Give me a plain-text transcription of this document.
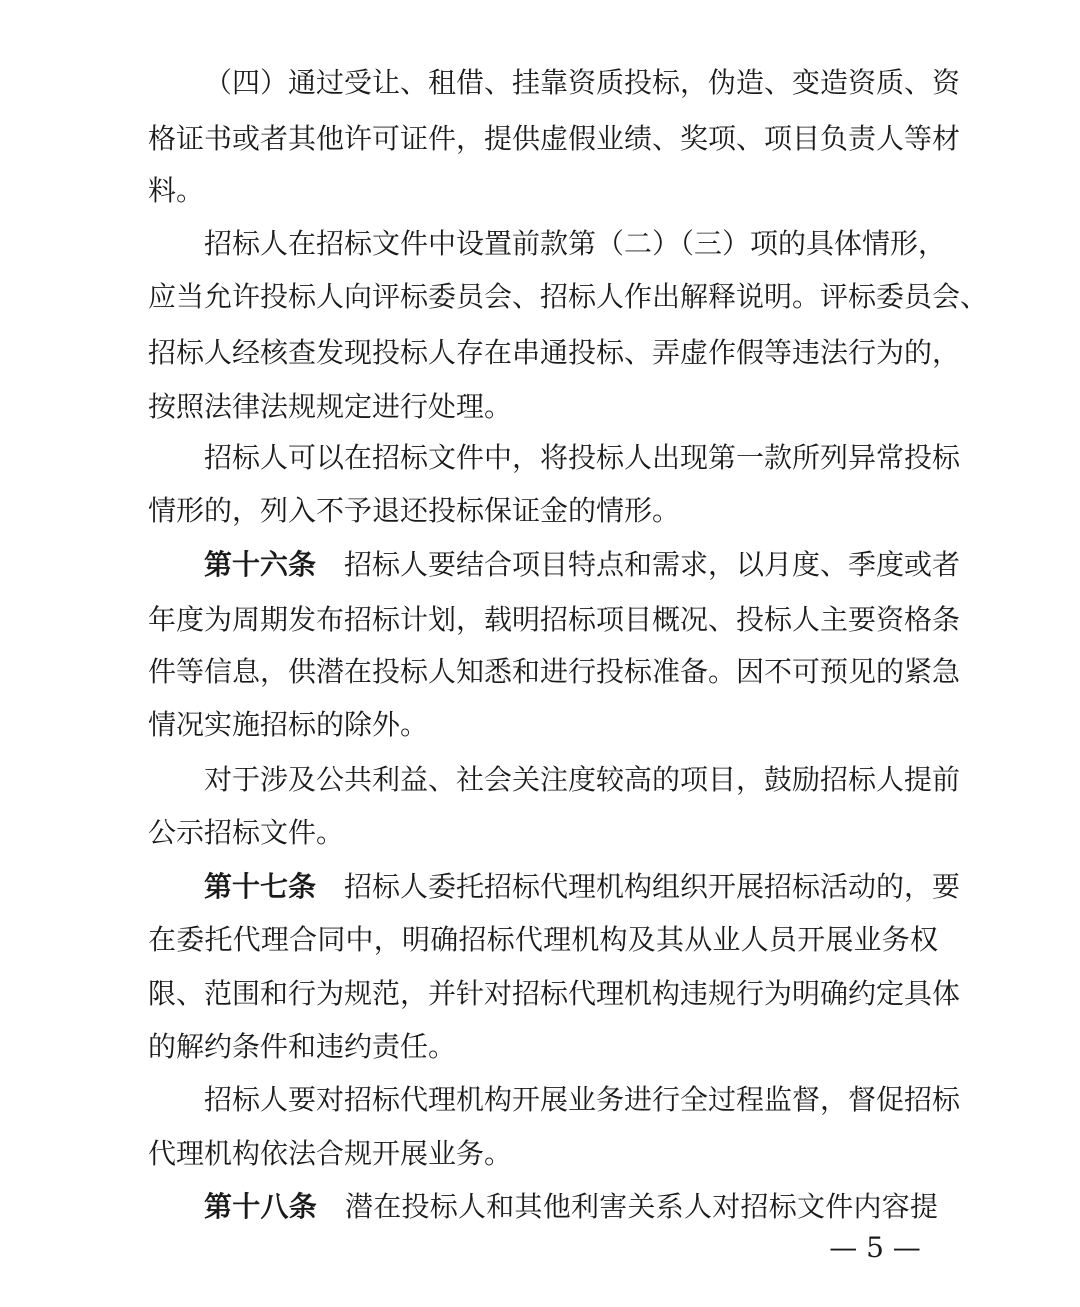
（四）通过受让、租借、挂靠资质投标，伪造、变造资质、资
格证书或者其他许可证件，提供虚假业绩、奖项、项目负责人等材
料。
招标人在招标文件中设置前款第（二）（三）项的具体情形，
应当允许投标人向评标委员会、招标人作出解释说明。评标委员会、
招标人经核查发现投标人存在串通投标、弄虚作假等违法行为的，
按照法律法规规定进行处理。
招标人可以在招标文件中，将投标人出现第一款所列异常投标
情形的，列入不予退还投标保证金的情形。
第十六条 招标人要结合项目特点和需求，以月度、季度或者
年度为周期发布招标计划，载明招标项目概况、投标人主要资格条
件等信息，供潜在投标人知悉和进行投标准备。因不可预见的紧急
情况实施招标的除外。
对于涉及公共利益、社会关注度较高的项目，鼓励招标人提前
公示招标文件。
第十七条 招标人委托招标代理机构组织开展招标活动的，要
在委托代理合同中，明确招标代理机构及其从业人员开展业务权
限、范围和行为规范，并针对招标代理机构违规行为明确约定具体
的解约条件和违约责任。
招标人要对招标代理机构开展业务进行全过程监督，督促招标
代理机构依法合规开展业务。
第十八条 潜在投标人和其他利害关系人对招标文件内容提
— 5 —
